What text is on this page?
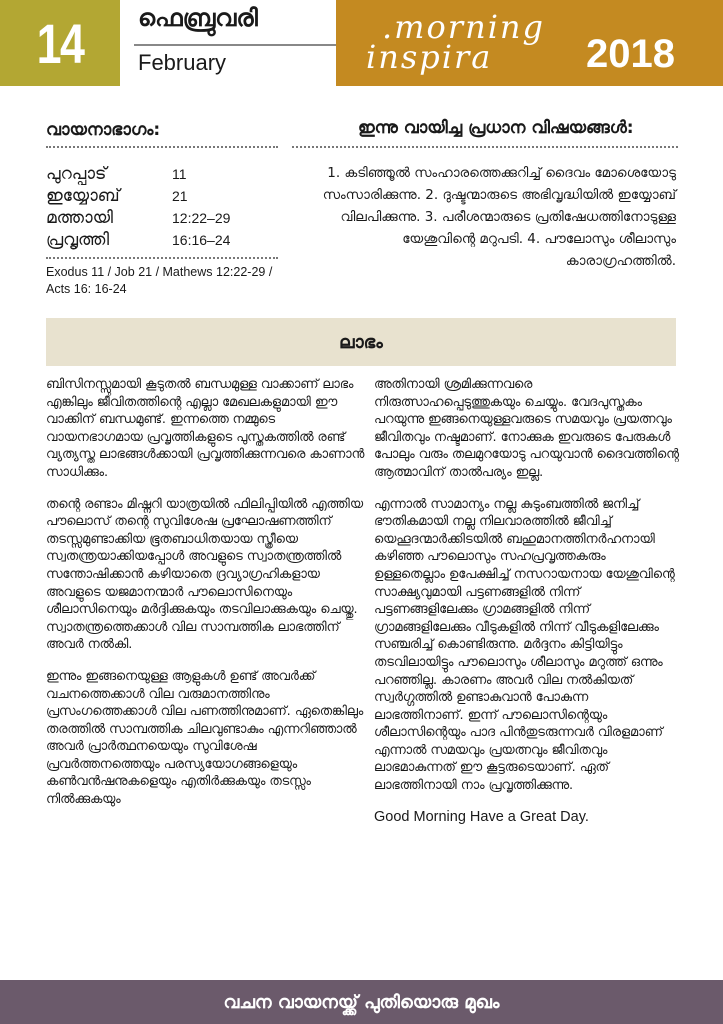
14	ഫെബ്രുവരി
February
.morning
inspira 2018
വായനാഭാഗം:	ഇന്നു വായിച്ച പ്രധാന വിഷയങ്ങൾ:
പുറപ്പാട്	11
ഇയ്യോബ്	21
മത്തായി	12:22–29
പ്രവൃത്തി	16:16–24
Exodus 11 / Job 21 / Mathews 12:22-29 / Acts 16: 16-24
1. കടിഞ്ഞൂൽ സംഹാരത്തെക്കുറിച്ച് ദൈവം മോശെയോടു സംസാരിക്കുന്നു. 2. ദുഷ്ടന്മാരുടെ അഭിവൃദ്ധിയിൽ ഇയ്യോബ് വിലപിക്കുന്നു. 3. പരീശന്മാരുടെ പ്രതിഷേധത്തിനോടുള്ള യേശുവിന്റെ മറുപടി. 4. പൗലോസും ശീലാസും കാരാഗ്രഹത്തിൽ.
ലാഭം

ബിസിനസ്സുമായി കൂടുതൽ ബന്ധമുള്ള വാക്കാണ് ലാഭം എങ്കിലും ജീവിതത്തിന്റെ എല്ലാ മേഖലകളുമായി ഈ വാക്കിന് ബന്ധമുണ്ട്. ഇന്നത്തെ നമ്മുടെ വായനഭാഗമായ പ്രവൃത്തികളുടെ പുസ്തകത്തിൽ രണ്ട് വ്യത്യസ്ത ലാഭങ്ങൾക്കായി പ്രവൃത്തിക്കുന്നവരെ കാണാൻ സാധിക്കും.

തന്റെ രണ്ടാം മിഷ്നറി യാത്രയിൽ ഫിലിപ്പിയിൽ എത്തിയ പൗലൊസ് തന്റെ സുവിശേഷ പ്രഘോഷണത്തിന് തടസ്സമുണ്ടാക്കിയ ഭൂതബാധിതയായ സ്ത്രീയെ സ്വതന്ത്രയാക്കിയപ്പോൾ അവളുടെ സ്വാതന്ത്രത്തിൽ സന്തോഷിക്കാൻ കഴിയാതെ ദ്രവ്യാഗ്രഹികളായ അവളുടെ യജമാനന്മാർ പൗലൊസിനെയും ശീലാസിനെയും മർദ്ദിക്കുകയും തടവിലാക്കുകയും ചെയ്തു. സ്വാതന്ത്രത്തെക്കാൾ വില സാമ്പത്തിക ലാഭത്തിന് അവർ നൽകി.

ഇന്നും ഇങ്ങനെയുള്ള ആളുകൾ ഉണ്ട് അവർക്ക് വചനത്തെക്കാൾ വില വരുമാനത്തിനും പ്രസംഗത്തെക്കാൾ വില പണത്തിനുമാണ്. ഏതെങ്കിലും തരത്തിൽ സാമ്പത്തിക ചിലവുണ്ടാകും എന്നറിഞ്ഞാൽ അവർ പ്രാർത്ഥനയെയും സുവിശേഷ പ്രവർത്തനത്തെയും പരസ്യയോഗങ്ങളെയും കൺവൻഷനുകളെയും എതിർക്കുകയും തടസ്സം നിൽക്കുകയും

അതിനായി ശ്രമിക്കുന്നവരെ നിരുത്സാഹപ്പെടുത്തുകയും ചെയ്യും. വേദപുസ്തകം പറയുന്നു ഇങ്ങനെയുള്ളവരുടെ സമയവും പ്രയത്നവും ജീവിതവും നഷ്ടമാണ്. നോക്കുക ഇവരുടെ പേരുകൾ പോലും വരും തലമുറയോടു പറയുവാൻ ദൈവത്തിന്റെ ആത്മാവിന് താൽപര്യം ഇല്ല.

എന്നാൽ സാമാന്യം നല്ല കുടുംബത്തിൽ ജനിച്ച് ഭൗതികമായി നല്ല നിലവാരത്തിൽ ജീവിച്ച് യെഹൂദന്മാർക്കിടയിൽ ബഹുമാനത്തിനർഹനായി കഴിഞ്ഞ പൗലൊസും സഹപ്രവൃത്തകരും ഉള്ളതെല്ലാം ഉപേക്ഷിച്ച് നസറായനായ യേശുവിന്റെ സാക്ഷ്യവുമായി പട്ടണങ്ങളിൽ നിന്ന് പട്ടണങ്ങളിലേക്കും ഗ്രാമങ്ങളിൽ നിന്ന് ഗ്രാമങ്ങളിലേക്കും വീടുകളിൽ നിന്ന് വീടുകളിലേക്കും സഞ്ചരിച്ച് കൊണ്ടിരുന്നു. മർദ്ദനം കിട്ടിയിട്ടും തടവിലായിട്ടും പൗലൊസും ശീലാസും മറുത്ത് ഒന്നും പറഞ്ഞില്ല. കാരണം അവർ വില നൽകിയത് സ്വർഗ്ഗത്തിൽ ഉണ്ടാകുവാൻ പോകുന്ന ലാഭത്തിനാണ്. ഇന്ന് പൗലൊസിന്റെയും ശീലാസിന്റെയും പാദ പിൻതുടരുന്നവർ വിരളമാണ് എന്നാൽ സമയവും പ്രയത്നവും ജീവിതവും ലാഭമാകുന്നത് ഈ കൂട്ടരുടെയാണ്. ഏത് ലാഭത്തിനായി നാം പ്രവൃത്തിക്കുന്നു.

Good Morning Have a Great Day.
വചന വായനയ്ക്ക് പുതിയൊരു മുഖം
